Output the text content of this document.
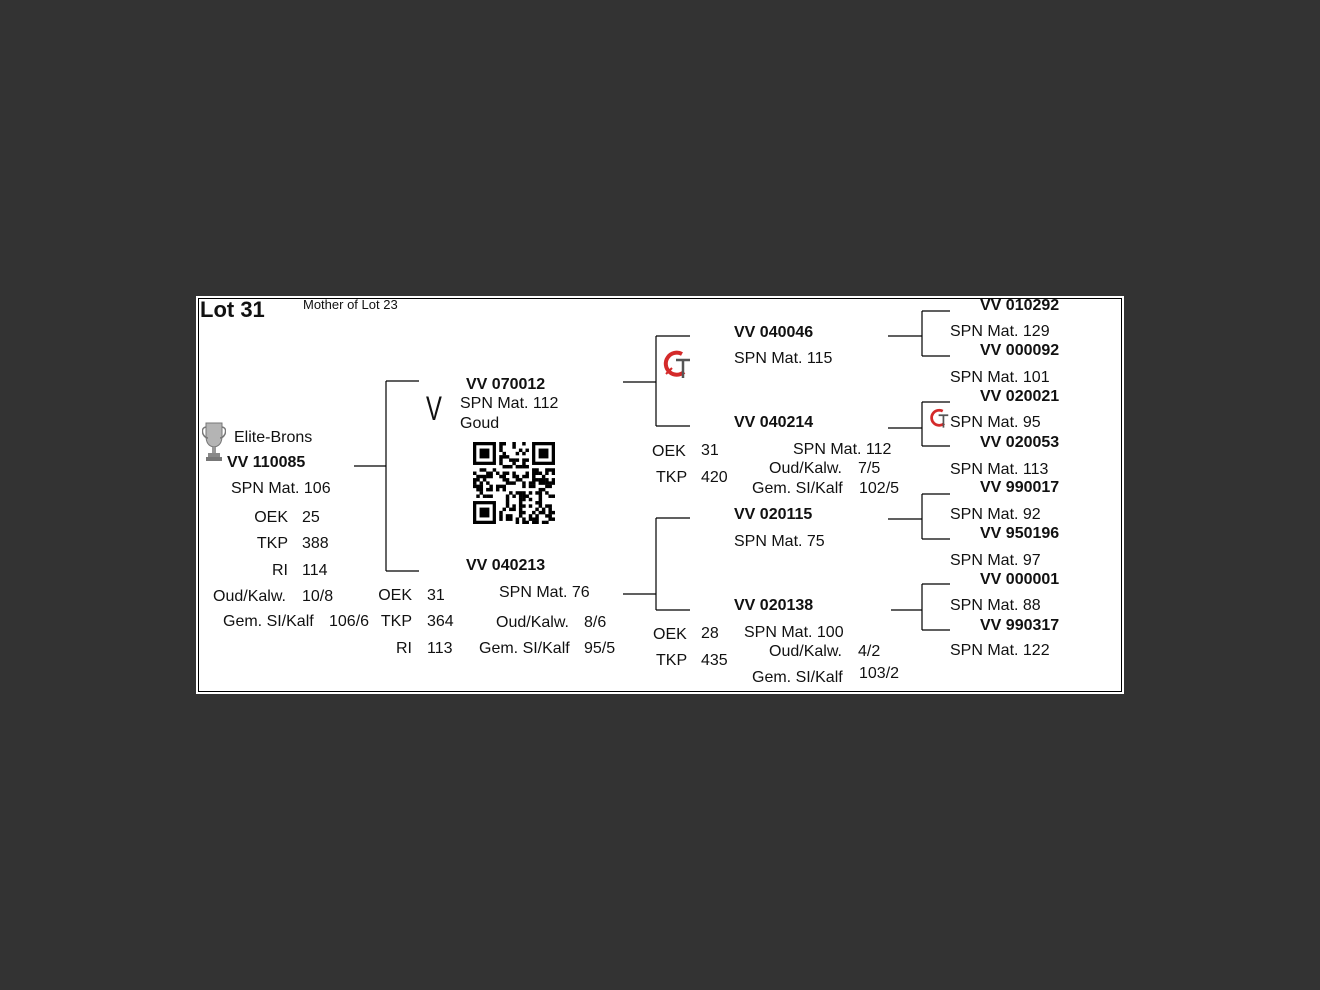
Lot 31	Mother of Lot 23
Elite-Brons
VV 110085
SPN Mat. 106
OEK 25
TKP 388
RI 114
Oud/Kalw. 10/8
Gem. SI/Kalf 106/6
V
VV 070012
SPN Mat. 112
Goud
VV 040213
SPN Mat. 76
OEK 31
TKP 364
RI 113
Oud/Kalw. 8/6
Gem. SI/Kalf 95/5
VV 040046
SPN Mat. 115
VV 040214
SPN Mat. 112
OEK 31
TKP 420
Oud/Kalw. 7/5
Gem. SI/Kalf 102/5
VV 020115
SPN Mat. 75
VV 020138
SPN Mat. 100
OEK 28
TKP 435
Oud/Kalw. 4/2
Gem. SI/Kalf 103/2
VV 010292
SPN Mat. 129
VV 000092
SPN Mat. 101
VV 020021
SPN Mat. 95
VV 020053
SPN Mat. 113
VV 990017
SPN Mat. 92
VV 950196
SPN Mat. 97
VV 000001
SPN Mat. 88
VV 990317
SPN Mat. 122
